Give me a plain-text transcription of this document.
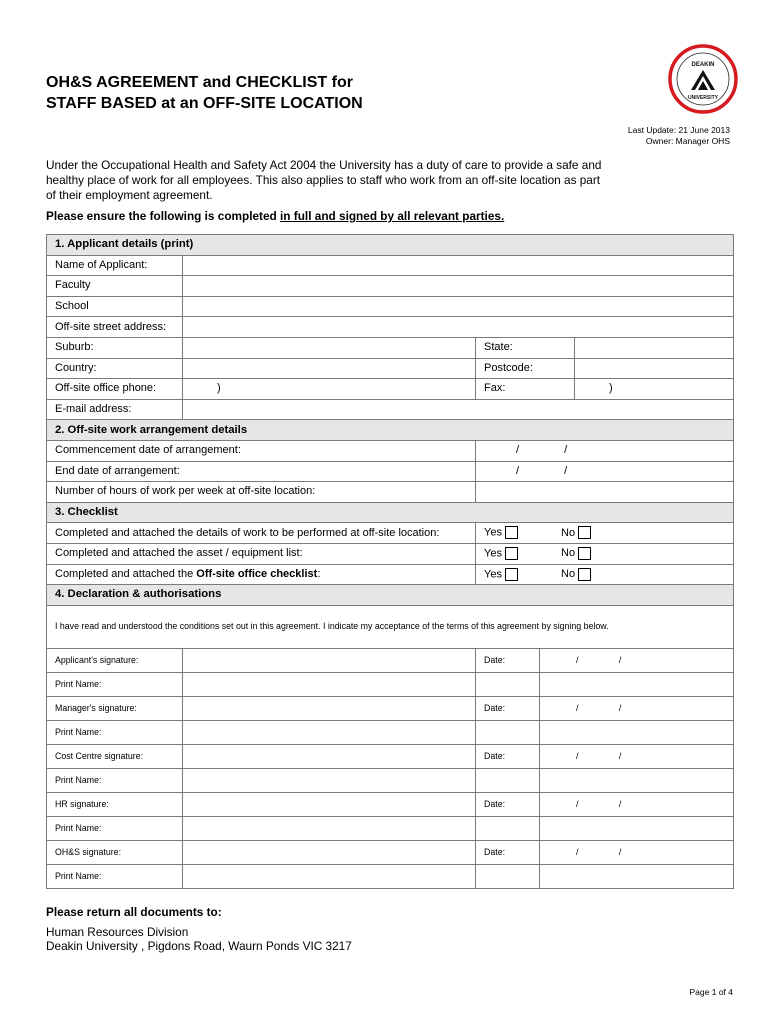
OH&S AGREEMENT and CHECKLIST for
STAFF BASED at an OFF-SITE LOCATION
DEAKIN
UNIVERSITY
Last Update: 21 June 2013
Owner: Manager OHS

Under the Occupational Health and Safety Act 2004 the University has a duty of care to provide a safe and healthy place of work for all employees. This also applies to staff who work from an off-site location as part of their employment agreement.

Please ensure the following is completed in full and signed by all relevant parties.

1. Applicant details (print)				
Name of Applicant:				
Faculty				
School				
Off-site street address:				
Suburb:		State:		
Country:		Postcode:		
Off-site office phone:	)	Fax:		)
E-mail address:				
2. Off-site work arrangement details				
Commencement date of arrangement:		/ /		
End date of arrangement:		/ /		
Number of hours of work per week at off-site location:				
3. Checklist				
Completed and attached the details of work to be performed at off-site location:		Yes No		
Completed and attached the asset / equipment list:		Yes No		
Completed and attached the Off-site office checklist:		Yes No		
4. Declaration & authorisations				
I have read and understood the conditions set out in this agreement. I indicate my acceptance of the terms of this agreement by signing below.				
Applicant's signature:		Date:	/ /	
Print Name:				
Manager's signature:		Date:	/ /	
Print Name:				
Cost Centre signature:		Date:	/ /	
Print Name:				
HR signature:		Date:	/ /	
Print Name:				
OH&S signature:		Date:	/ /	
Print Name:				

Please return all documents to:

Human Resources Division
Deakin University , Pigdons Road, Waurn Ponds VIC 3217

Page 1 of 4
